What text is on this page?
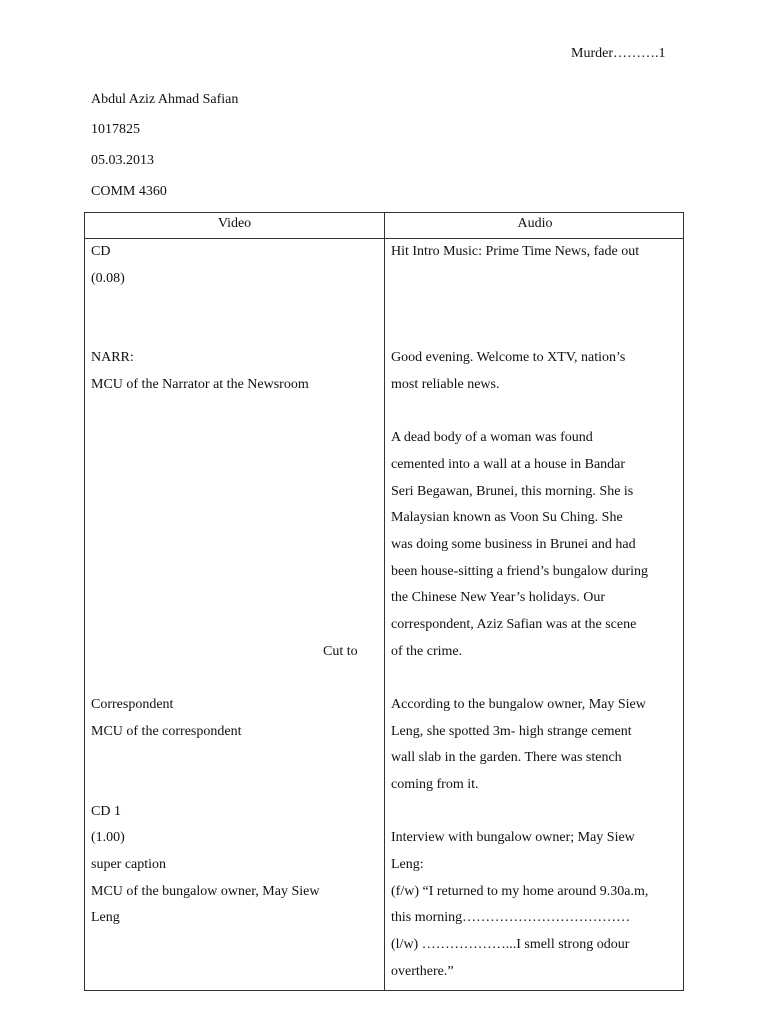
Murder……….1
Abdul Aziz Ahmad Safian
1017825
05.03.2013
COMM 4360
Video	Audio
CD
(0.08)
NARR:
MCU of the Narrator at the Newsroom
Cut to
Correspondent
MCU of the correspondent
CD 1
(1.00)
super caption
MCU of the bungalow owner, May Siew
Leng
Hit Intro Music: Prime Time News, fade out
Good evening. Welcome to XTV, nation’s
most reliable news.
A dead body of a woman was found
cemented into a wall at a house in Bandar
Seri Begawan, Brunei, this morning. She is
Malaysian known as Voon Su Ching. She
was doing some business in Brunei and had
been house-sitting a friend’s bungalow during
the Chinese New Year’s holidays. Our
correspondent, Aziz Safian was at the scene
of the crime.
According to the bungalow owner, May Siew
Leng, she spotted 3m- high strange cement
wall slab in the garden. There was stench
coming from it.
Interview with bungalow owner; May Siew
Leng:
(f/w) “I returned to my home around 9.30a.m,
this morning………………………………
(l/w) ………………...I smell strong odour
overthere.”
